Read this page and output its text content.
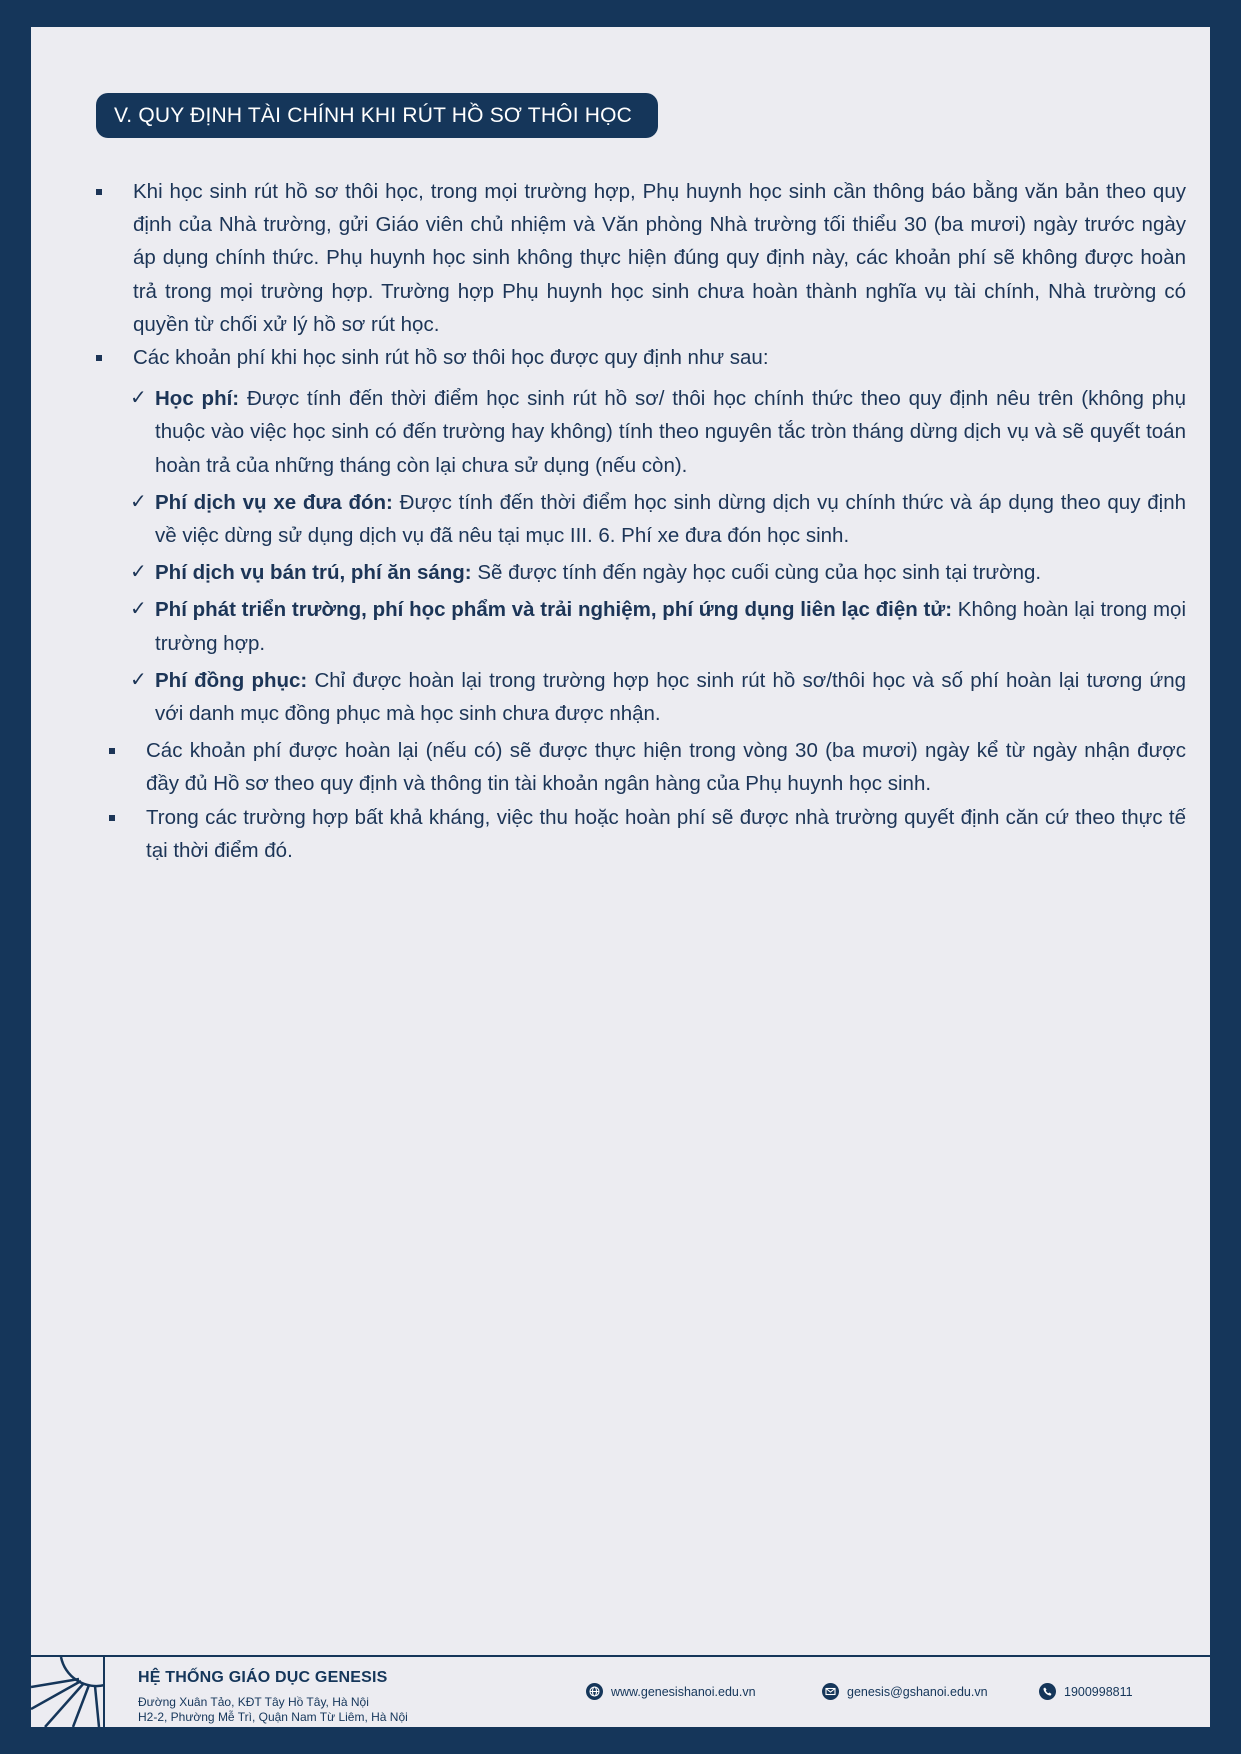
V. QUY ĐỊNH TÀI CHÍNH KHI RÚT HỒ SƠ THÔI HỌC
Khi học sinh rút hồ sơ thôi học, trong mọi trường hợp, Phụ huynh học sinh cần thông báo bằng văn bản theo quy định của Nhà trường, gửi Giáo viên chủ nhiệm và Văn phòng Nhà trường tối thiểu 30 (ba mươi) ngày trước ngày áp dụng chính thức. Phụ huynh học sinh không thực hiện đúng quy định này, các khoản phí sẽ không được hoàn trả trong mọi trường hợp. Trường hợp Phụ huynh học sinh chưa hoàn thành nghĩa vụ tài chính, Nhà trường có quyền từ chối xử lý hồ sơ rút học.
Các khoản phí khi học sinh rút hồ sơ thôi học được quy định như sau:
✓ Học phí: Được tính đến thời điểm học sinh rút hồ sơ/ thôi học chính thức theo quy định nêu trên (không phụ thuộc vào việc học sinh có đến trường hay không) tính theo nguyên tắc tròn tháng dừng dịch vụ và sẽ quyết toán hoàn trả của những tháng còn lại chưa sử dụng (nếu còn).
✓ Phí dịch vụ xe đưa đón: Được tính đến thời điểm học sinh dừng dịch vụ chính thức và áp dụng theo quy định về việc dừng sử dụng dịch vụ đã nêu tại mục III. 6. Phí xe đưa đón học sinh.
✓ Phí dịch vụ bán trú, phí ăn sáng: Sẽ được tính đến ngày học cuối cùng của học sinh tại trường.
✓ Phí phát triển trường, phí học phẩm và trải nghiệm, phí ứng dụng liên lạc điện tử: Không hoàn lại trong mọi trường hợp.
✓ Phí đồng phục: Chỉ được hoàn lại trong trường hợp học sinh rút hồ sơ/thôi học và số phí hoàn lại tương ứng với danh mục đồng phục mà học sinh chưa được nhận.
Các khoản phí được hoàn lại (nếu có) sẽ được thực hiện trong vòng 30 (ba mươi) ngày kể từ ngày nhận được đầy đủ Hồ sơ theo quy định và thông tin tài khoản ngân hàng của Phụ huynh học sinh.
Trong các trường hợp bất khả kháng, việc thu hoặc hoàn phí sẽ được nhà trường quyết định căn cứ theo thực tế tại thời điểm đó.
HỆ THỐNG GIÁO DỤC GENESIS
Đường Xuân Tảo, KĐT Tây Hồ Tây, Hà Nội
H2-2, Phường Mễ Trì, Quận Nam Từ Liêm, Hà Nội
www.genesishanoi.edu.vn	genesis@gshanoi.edu.vn	1900998811
